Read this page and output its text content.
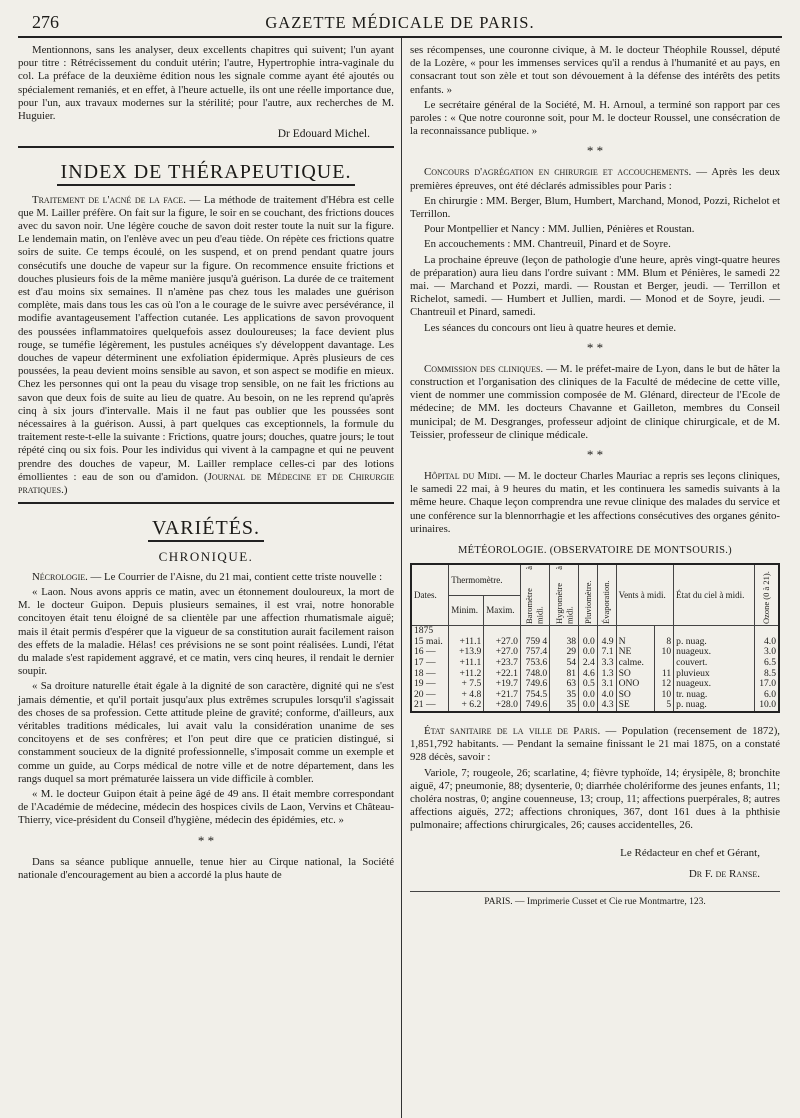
276	GAZETTE MÉDICALE DE PARIS.

Mentionnons, sans les analyser, deux excellents chapitres qui suivent; l'un ayant pour titre : Rétrécissement du conduit utérin; l'autre, Hypertrophie intra-vaginale du col. La préface de la deuxième édition nous les signale comme ayant été ajoutés ou spécialement remaniés, et en effet, à l'heure actuelle, ils ont une réelle importance due, pour l'un, aux travaux modernes sur la stérilité; pour l'autre, aux recherches de M. Huguier.

Dr Edouard Michel.
INDEX DE THÉRAPEUTIQUE.

Traitement de l'acné de la face. — La méthode de traitement d'Hébra est celle que M. Lailler préfère. On fait sur la figure, le soir en se couchant, des frictions douces avec du savon noir. Une légère couche de savon doit rester toute la nuit sur la figure. Le lendemain matin, on l'enlève avec un peu d'eau tiède. On répète ces frictions quatre soirs de suite. Ce temps écoulé, on les suspend, et on prend pendant quatre jours consécutifs une douche de vapeur sur la figure. On recommence ensuite frictions et douches plusieurs fois de la même manière jusqu'à guérison. La durée de ce traitement est d'au moins six semaines. Il n'amène pas chez tous les malades une guérison complète, mais dans tous les cas où l'on a le courage de le suivre avec persévérance, il modifie avantageusement l'affection cutanée. Les applications de savon provoquent des poussées inflammatoires quelquefois assez douloureuses; la face devient plus rouge, se tuméfie légèrement, les pustules acnéiques s'y développent davantage. Les douches de vapeur déterminent une exfoliation épidermique. Après plusieurs de ces poussées, la peau devient moins sensible au savon, et son aspect se modifie en mieux. Chez les personnes qui ont la peau du visage trop sensible, on ne fait les frictions au savon que deux fois de suite au lieu de quatre. Au besoin, on ne les reprend qu'après cinq à six jours d'intervalle. Mais il ne faut pas oublier que les poussées sont nécessaires à la guérison. Aussi, à part quelques cas exceptionnels, la formule du traitement reste-t-elle la suivante : Frictions, quatre jours; douches, quatre jours; le tout répété cinq ou six fois. Pour les individus qui vivent à la campagne et qui ne peuvent prendre des douches de vapeur, M. Lailler remplace celles-ci par des lotions émollientes : eau de son ou d'amidon. (Journal de Médecine et de Chirurgie pratiques.)

VARIÉTÉS.
CHRONIQUE.

Nécrologie. — Le Courrier de l'Aisne, du 21 mai, contient cette triste nouvelle :

« Laon. Nous avons appris ce matin, avec un étonnement douloureux, la mort de M. le docteur Guipon. Depuis plusieurs semaines, il est vrai, notre honorable concitoyen était tenu éloigné de sa clientèle par une affection rhumatismale aiguë; mais il était permis d'espérer que la vigueur de sa constitution aurait facilement raison des effets de la maladie. Hélas! ces prévisions ne se sont point réalisées. Lundi, l'état du malade s'est rapidement aggravé, et ce matin, vers cinq heures, il rendait le dernier soupir.

« Sa droiture naturelle était égale à la dignité de son caractère, dignité qui ne s'est jamais démentie, et qu'il portait jusqu'aux plus extrêmes scrupules lorsqu'il s'agissait des choses de sa profession. Cette attitude pleine de gravité; conforme, d'ailleurs, aux véritables traditions médicales, lui avait valu la considération unanime de ses concitoyens et de ses confrères; et l'on peut dire que ce praticien distingué, si constamment soucieux de la dignité professionnelle, s'imposait comme un exemple et comme un guide, au Corps médical de notre ville et de notre département, dans les rangs duquel sa mort prématurée laissera un vide difficile à combler.

« M. le docteur Guipon était à peine âgé de 49 ans. Il était membre correspondant de l'Académie de médecine, médecin des hospices civils de Laon, Vervins et Château-Thierry, vice-président du Conseil d'hygiène, médecin des épidémies, etc. »

* *

Dans sa séance publique annuelle, tenue hier au Cirque national, la Société nationale d'encouragement au bien a accordé la plus haute de

ses récompenses, une couronne civique, à M. le docteur Théophile Roussel, député de la Lozère, « pour les immenses services qu'il a rendus à l'humanité et au pays, en consacrant tout son zèle et tout son dévouement à la défense des intérêts des petits enfants. »

Le secrétaire général de la Société, M. H. Arnoul, a terminé son rapport par ces paroles : « Que notre couronne soit, pour M. le docteur Roussel, une consécration de la reconnaissance publique. »

* *

Concours d'agrégation en chirurgie et accouchements. — Après les deux premières épreuves, ont été déclarés admissibles pour Paris :

En chirurgie : MM. Berger, Blum, Humbert, Marchand, Monod, Pozzi, Richelot et Terrillon.

Pour Montpellier et Nancy : MM. Jullien, Pénières et Roustan.

En accouchements : MM. Chantreuil, Pinard et de Soyre.

La prochaine épreuve (leçon de pathologie d'une heure, après vingt-quatre heures de préparation) aura lieu dans l'ordre suivant : MM. Blum et Pénières, le samedi 22 mai. — Marchand et Pozzi, mardi. — Roustan et Berger, jeudi. — Terrillon et Richelot, samedi. — Humbert et Jullien, mardi. — Monod et de Soyre, jeudi. — Chantreuil et Pinard, samedi.

Les séances du concours ont lieu à quatre heures et demie.

* *

Commission des cliniques. — M. le préfet-maire de Lyon, dans le but de hâter la construction et l'organisation des cliniques de la Faculté de médecine de cette ville, vient de nommer une commission composée de M. Glénard, directeur de l'Ecole de médecine; de MM. les docteurs Chavanne et Gailleton, membres du Conseil municipal; de M. Desgranges, professeur adjoint de clinique chirurgicale, et de M. Teissier, professeur de clinique médicale.

* *

Hôpital du Midi. — M. le docteur Charles Mauriac a repris ses leçons cliniques, le samedi 22 mai, à 9 heures du matin, et les continuera les samedis suivants à la même heure. Chaque leçon comprendra une revue clinique des malades du service et une conférence sur la blennorrhagie et les affections consécutives des organes génito-urinaires.

MÉTÉOROLOGIE. (OBSERVATOIRE DE MONTSOURIS.)
Dates.	Thermomètre.		Baromètre à midi.	Hygromètre à midi.	Pluviomètre.	Évaporation.	Vents à midi.		État du ciel à midi.	Ozone (0 à 21).

	Minim.	Maxim.								
1875										
15 mai.	+11.1	+27.0	759 4	38	0.0	4.9	N	8	p. nuag.	4.0
16 —	+13.9	+27.0	757.4	29	0.0	7.1	NE	10	nuageux.	3.0
17 —	+11.1	+23.7	753.6	54	2.4	3.3	calme.		couvert.	6.5
18 —	+11.2	+22.1	748.0	81	4.6	1.3	SO	11	pluvieux	8.5
19 —	+ 7.5	+19.7	749.6	63	0.5	3.1	ONO	12	nuageux.	17.0
20 —	+ 4.8	+21.7	754.5	35	0.0	4.0	SO	10	tr. nuag.	6.0
21 —	+ 6.2	+28.0	749.6	35	0.0	4.3	SE	5	p. nuag.	10.0

État sanitaire de la ville de Paris. — Population (recensement de 1872), 1,851,792 habitants. — Pendant la semaine finissant le 21 mai 1875, on a constaté 928 décès, savoir :

Variole, 7; rougeole, 26; scarlatine, 4; fièvre typhoïde, 14; érysipèle, 8; bronchite aiguë, 47; pneumonie, 88; dysenterie, 0; diarrhée cholériforme des jeunes enfants, 11; choléra nostras, 0; angine couenneuse, 13; croup, 11; affections puerpérales, 8; autres affections aiguës, 272; affections chroniques, 367, dont 161 dues à la phthisie pulmonaire; affections chirurgicales, 26; causes accidentelles, 26.

Le Rédacteur en chef et Gérant,
Dr F. de Ranse.
PARIS. — Imprimerie Cusset et Cie rue Montmartre, 123.
